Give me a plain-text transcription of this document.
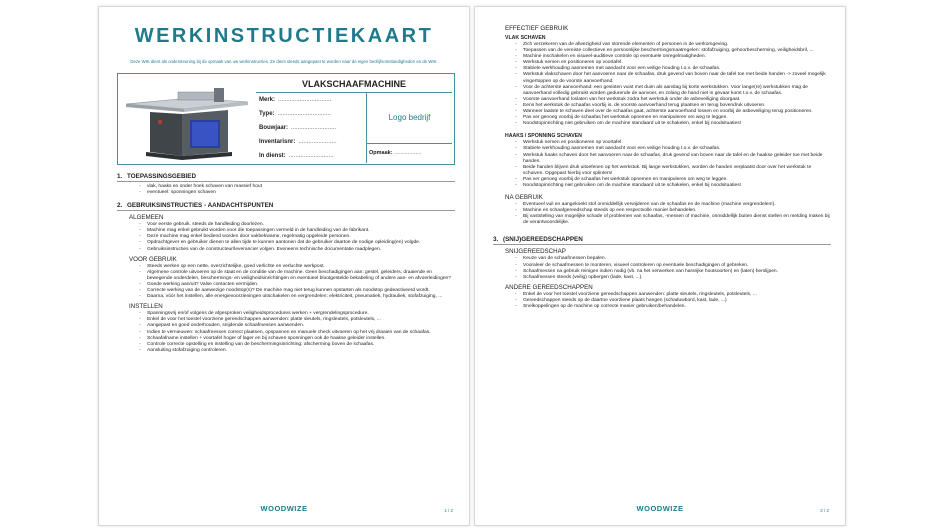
WERKINSTRUCTIEKAART
Deze WIK dient als ondersteuning bij de opmaak van uw werkinstructies. Ze dient steeds aangepast te worden naar de eigen bedrijfsomstandigheden en de WIK.
VLAKSCHAAFMACHINE
Merk: ................................
Type: ................................
Bouwjaar: ...........................
Inventarisnr: .......................
In dienst: ...........................
Logo bedrijf
Opmaak: ..................
1. TOEPASSINGSGEBIED
- vlak, haaks en onder hoek schaven van massief hout
- eventueel: sponningen schaven
2. GEBRUIKSINSTRUCTIES - AANDACHTSPUNTEN
ALGEMEEN
- Voor eerste gebruik, steeds de handleiding doorlezen.
- Machine mag enkel gebruikt worden voor die toepassingen vermeld in de handleiding van de fabrikant.
- Deze machine mag enkel bediend worden door vakbekwame, regelmatig opgeleide personen.
- Opdrachtgever en gebruiker dienen te allen tijde te kunnen aantonen dat de gebruiker daartoe de nodige opleiding(en) volgde.
- Gebruiksinstructies van de constructeur/leverancier volgen. Eveneens technische documentatie raadplegen.
VOOR GEBRUIK
- Steeds werken op een nette, overzichtelijke, goed verlichte en verluchte werkpost.
- Algemene controle uitvoeren op de staat en de conditie van de machine. Geen beschadigingen aan: gestel, geleiders, draaiende en bewegende onderdelen, beschermings- en veiligheidsinrichtingen en eventueel blootgestelde bekabeling of andere aan- en afvoerleidingen?
- Goede werking aan/uit? Valse contacten vermijden.
- Correcte werking van de aanwezige noodstop(s)? De machine mag niet terug kunnen opstarten als noodstop gedeactiveerd wordt.
- Daarna, vóór het instellen, alle energievoorzieningen uitschakelen en vergrendelen: elektriciteit, pneumatiek, hydrauliek, stofafzuiging, ...
INSTELLEN
- Spanningsvrij en/of volgens de afgesproken veiligheidsprocedures werken + vergrendelingsprocedure.
- Enkel de voor het toestel voorziene gereedschappen aanwenden: platte sleutels, ringsleutels, potsleutels, ...
- Aangepast en goed onderhouden, snijdende schaafmessen aanwenden.
- Indien te vernieuwen: schaafmessen correct plaatsen, opspannen en manuele check uitvoeren op het vrij draaien van de schaafas.
- Schaafafname instellen + voortafel hoger of lager en bij schaven sponningen ook de haakse geleider instellen.
- Controle correcte opstelling en instelling van de beschermingsinrichting: afscherming boven de schaafas.
- Aansluiting stofafzuiging controleren.
WOODWIZE	1 / 2
EFFECTIEF GEBRUIK
VLAK SCHAVEN
- Zich verzekeren van de afwezigheid van storende elementen of personen in de werkomgeving.
- Toepassen van de vereiste collectieve en persoonlijke beschermingsmaatregelen: stofafzuiging, gehoorbescherming, veiligheidsbril, ...
- Machine inschakelen en visueel-auditieve controle op eventuele onregelmatigheden.
- Werkstuk nemen en positioneren op voortafel.
- Stabiele werkhouding aannemen met aandacht voor een veilige houding t.o.v. de schaafas.
- Werkstuk vlakschaven door het aanvoeren naar de schaafas, druk gevend van boven naar de tafel toe met beide handen -> zoveel mogelijk vingertoppen op de voorste aanvoerhand.
- Voor de achterste aanvoerhand: een gesloten vuist met duim als aanslag bij korte werkstukken. Voor lange(re) werkstukken mag de aanvoerhand volledig gebruikt worden gedurende de aanvoer, en zolang de hand niet in gevaar komt t.o.v. de schaafas.
- Voorste aanvoerhand loslaten van het werkstuk zodra het werkstuk onder de asbeveiliging doorgaat.
- Eens het werkstuk de schaafas voorbij is, de voorste aanvoerhand terug plaatsen en terug bovendruk uitvoeren.
- Wanneer laatste te schaven deel over de schaafas gaat, achterste aanvoerhand lossen en voorbij de asbeveiliging terug positioneren.
- Pas ver genoeg voorbij de schaafas het werkstuk opnemen en manipuleren om weg te leggen.
- Noodstopinrichting niet gebruiken om de machine standaard uit te schakelen, enkel bij noodsituaties!
HAAKS / SPONNING SCHAVEN
- Werkstuk nemen en positioneren op voortafel.
- Stabiele werkhouding aannemen met aandacht voor een veilige houding t.o.v. de schaafas.
- Werkstuk haaks schaven door het aanvoeren naar de schaafas, druk gevend van boven naar de tafel en de haakse geleider toe met beide handen.
- Beide handen blijven druk uitoefenen op het werkstuk. Bij lange werkstukken, worden de handen verplaatst door over het werkstuk te schuiven. Opgepast hierbij voor splinters!
- Pas ver genoeg voorbij de schaafas het werkstuk opnemen en manipuleren om weg te leggen.
- Noodstopinrichting niet gebruiken om de machine standaard uit te schakelen, enkel bij noodsituaties!
NA GEBRUIK
- Eventueel vuil en aangekoekt stof onmiddellijk verwijderen van de schaafas en de machine (machine vergrendelen!).
- Machine en schaafgereedschap steeds op een respectvolle manier behandelen.
- Bij vaststelling van mogelijke schade of problemen van schaafas, -messen of machine, onmiddellijk buiten dienst stellen en melding maken bij de verantwoordelijke.
3. (SNIJ)GEREEDSCHAPPEN
SNIJGEREEDSCHAP
- Keuze van de schaafmessen bepalen.
- Vooraleer de schaafmessen te monteren, visueel controleren op eventuele beschadigingen of gebreken.
- Schaafmessen na gebruik reinigen indien nodig (vb. na het verwerken van harsrijke houtsoorten) en (laten) herslijpen.
- Schaafmessen steeds (veilig) opbergen (lade, kast, ...).
ANDERE GEREEDSCHAPPEN
- Enkel de voor het toestel voorziene gereedschappen aanwenden: platte sleutels, ringsleutels, potsleutels, ...
- Gereedschappen steeds op de daartoe voorziene plaats hangen (schaduwbord, kast, lade, ...)
- Snelkoppelingen op de machine op correcte manier gebruiken/behandelen.
WOODWIZE	2 / 2
